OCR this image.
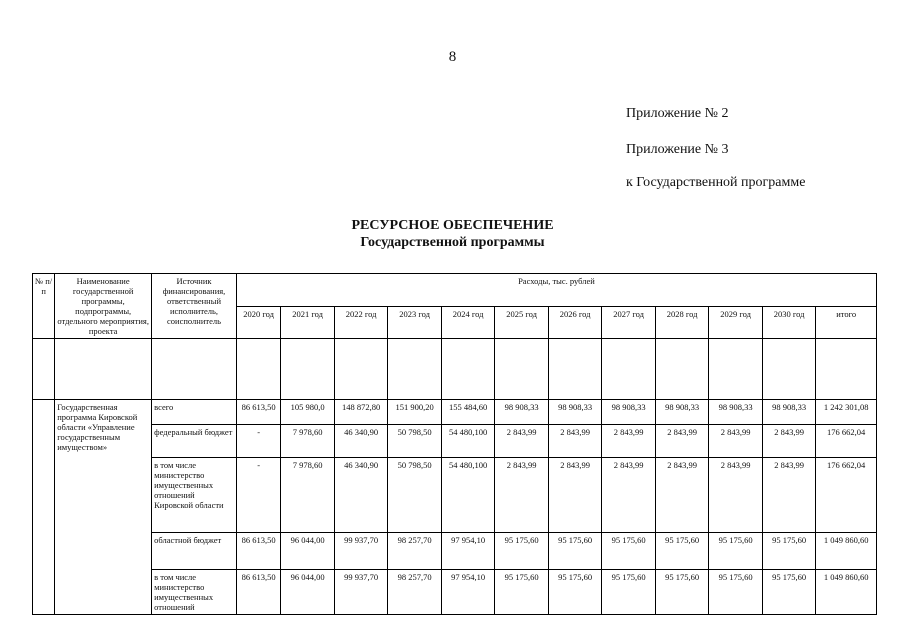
8
Приложение № 2
Приложение № 3
к Государственной программе
РЕСУРСНОЕ ОБЕСПЕЧЕНИЕ
Государственной программы
№ п/п	Наименование государственной программы, подпрограммы, отдельного мероприятия, проекта	Источник финансирования, ответственный исполнитель, соисполнитель	Расходы, тыс. рублей											
			2020 год	2021 год	2022 год	2023 год	2024 год	2025 год	2026 год	2027 год	2028 год	2029 год	2030 год	итого

	Государственная программа Кировской области «Управление государственным имуществом»	всего	86 613,50	105 980,0	148 872,80	151 900,20	155 484,60	98 908,33	98 908,33	98 908,33	98 908,33	98 908,33	98 908,33	1 242 301,08
		федеральный бюджет	-	7 978,60	46 340,90	50 798,50	54 480,100	2 843,99	2 843,99	2 843,99	2 843,99	2 843,99	2 843,99	176 662,04
		в том числе министерство имущественных отношений Кировской области	-	7 978,60	46 340,90	50 798,50	54 480,100	2 843,99	2 843,99	2 843,99	2 843,99	2 843,99	2 843,99	176 662,04
		областной бюджет	86 613,50	96 044,00	99 937,70	98 257,70	97 954,10	95 175,60	95 175,60	95 175,60	95 175,60	95 175,60	95 175,60	1 049 860,60
		в том числе министерство имущественных отношений	86 613,50	96 044,00	99 937,70	98 257,70	97 954,10	95 175,60	95 175,60	95 175,60	95 175,60	95 175,60	95 175,60	1 049 860,60
